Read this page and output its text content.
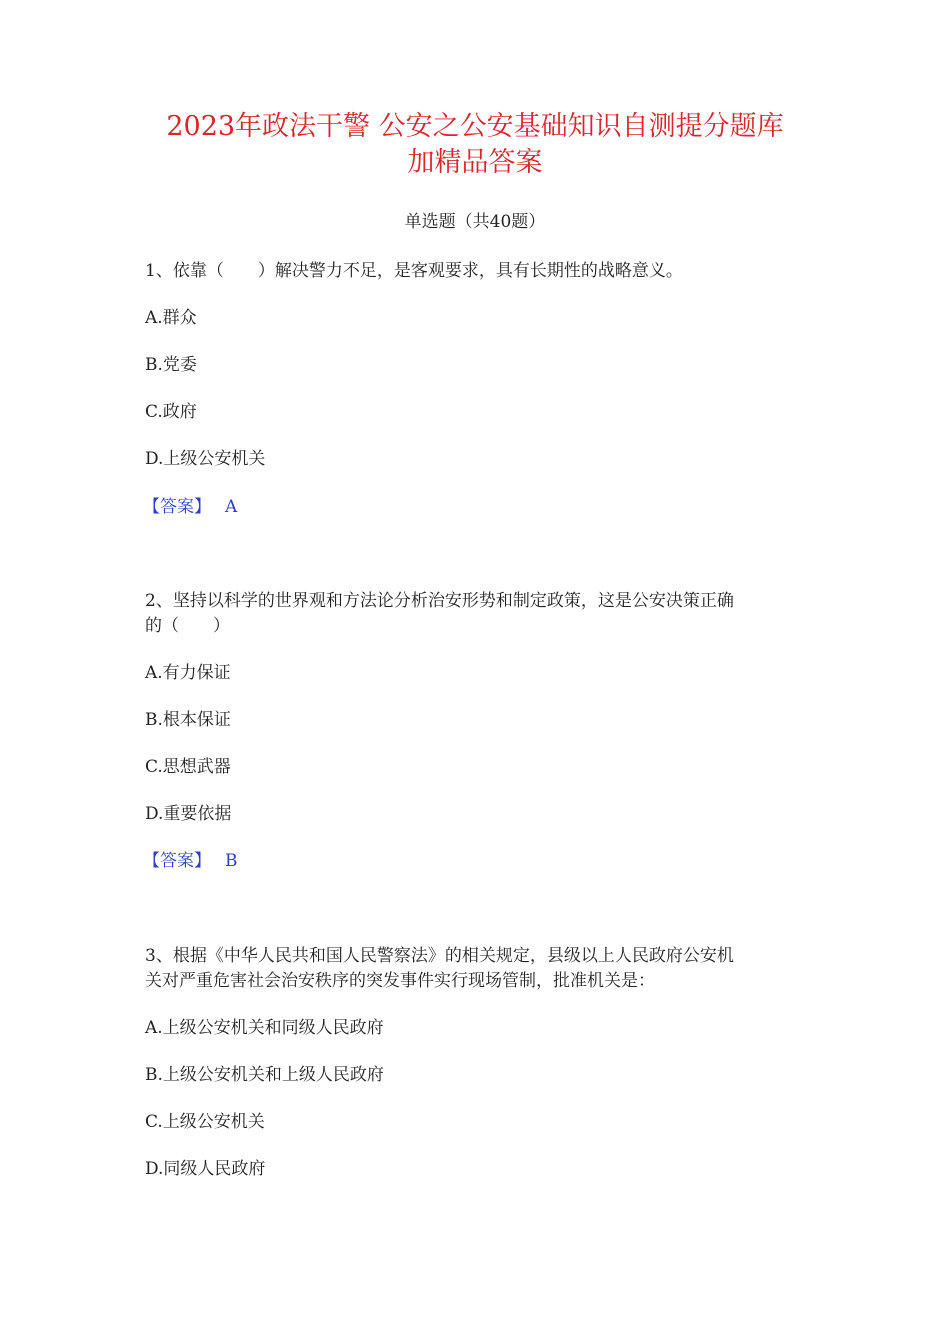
2023年政法干警 公安之公安基础知识自测提分题库
加精品答案
单选题（共40题）
1、依靠（　　）解决警力不足，是客观要求，具有长期性的战略意义。
A.群众
B.党委
C.政府
D.上级公安机关
【答案】 A
2、坚持以科学的世界观和方法论分析治安形势和制定政策，这是公安决策正确
的（　　）
A.有力保证
B.根本保证
C.思想武器
D.重要依据
【答案】 B
3、根据《中华人民共和国人民警察法》的相关规定，县级以上人民政府公安机
关对严重危害社会治安秩序的突发事件实行现场管制，批准机关是：
A.上级公安机关和同级人民政府
B.上级公安机关和上级人民政府
C.上级公安机关
D.同级人民政府
